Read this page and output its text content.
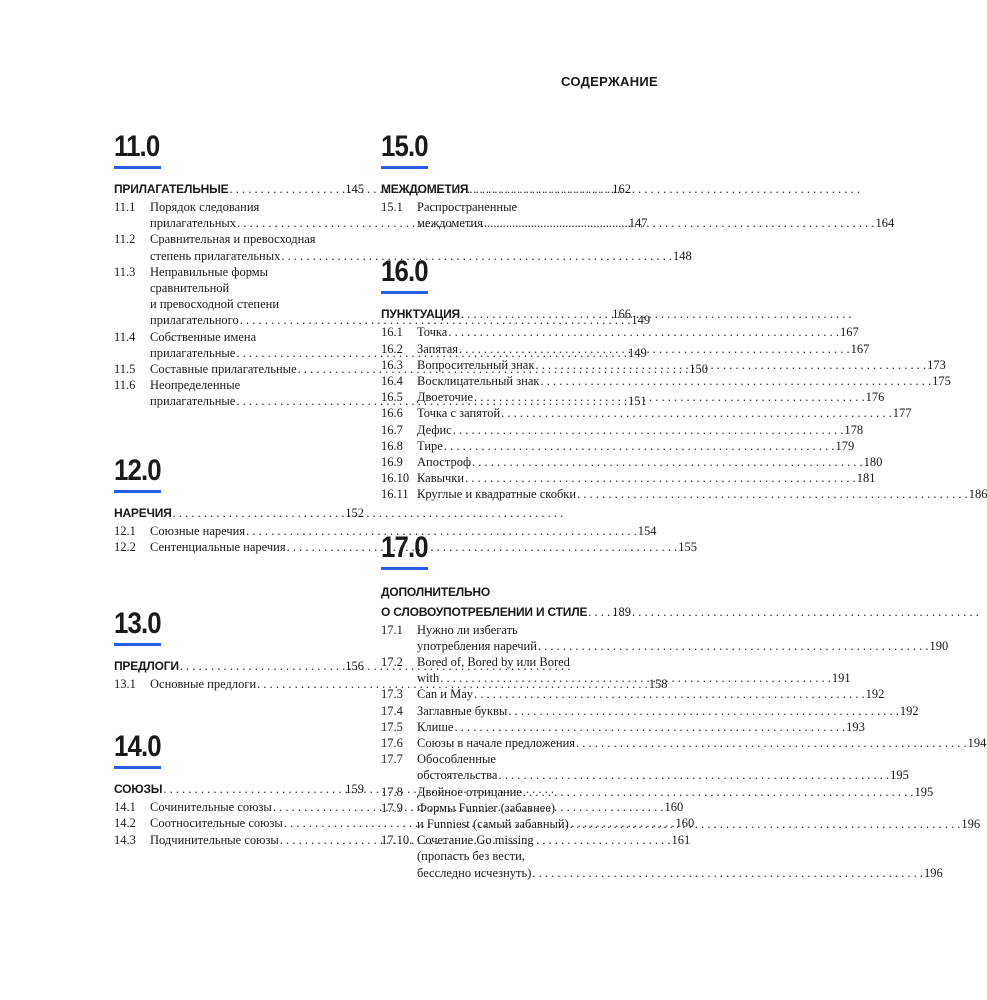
СОДЕРЖАНИЕ
11.0
ПРИЛАГАТЕЛЬНЫЕ . . .	145
11.1	Порядок следования
прилагательных . . .	147
11.2	Сравнительная и превосходная
степень прилагательных . . .	148
11.3	Неправильные формы
сравнительной
и превосходной степени
прилагательного . . .	149
11.4	Собственные имена
прилагательные . . .	149
11.5	Составные прилагательные . . .	150
11.6	Неопределенные
прилагательные . . .	151
12.0
НАРЕЧИЯ . . .	152
12.1	Союзные наречия . . .	154
12.2	Сентенциальные наречия . . .	155
13.0
ПРЕДЛОГИ . . .	156
13.1	Основные предлоги . . .	158
14.0
СОЮЗЫ . . .	159
14.1	Сочинительные союзы . . .	160
14.2	Соотносительные союзы . . .	160
14.3	Подчинительные союзы . . .	161
15.0
МЕЖДОМЕТИЯ . . .	162
15.1	Распространенные
междометия . . .	164
16.0
ПУНКТУАЦИЯ . . .	166
16.1	Точка . . .	167
16.2	Запятая . . .	167
16.3	Вопросительный знак . . .	173
16.4	Восклицательный знак . . .	175
16.5	Двоеточие . . .	176
16.6	Точка с запятой . . .	177
16.7	Дефис . . .	178
16.8	Тире . . .	179
16.9	Апостроф . . .	180
16.10 Кавычки . . .	181
16.11 Круглые и квадратные скобки . . .	186
17.0
ДОПОЛНИТЕЛЬНО
О СЛОВОУПОТРЕБЛЕНИИ И СТИЛЕ . . . 189
17.1	Нужно ли избегать
употребления наречий . . .	190
17.2	Bored of, Bored by или Bored
with . . .	191
17.3	Can и May . . .	192
17.4	Заглавные буквы . . .	192
17.5	Клише . . .	193
17.6	Союзы в начале предложения . . .	194
17.7	Обособленные
обстоятельства . . .	195
17.8	Двойное отрицание . . .	195
17.9	Формы Funnier (забавнее)
и Funniest (самый забавный) . . .	196
17.10. Сочетание Go missing
(пропасть без вести,
бесследно исчезнуть) . . .	196
